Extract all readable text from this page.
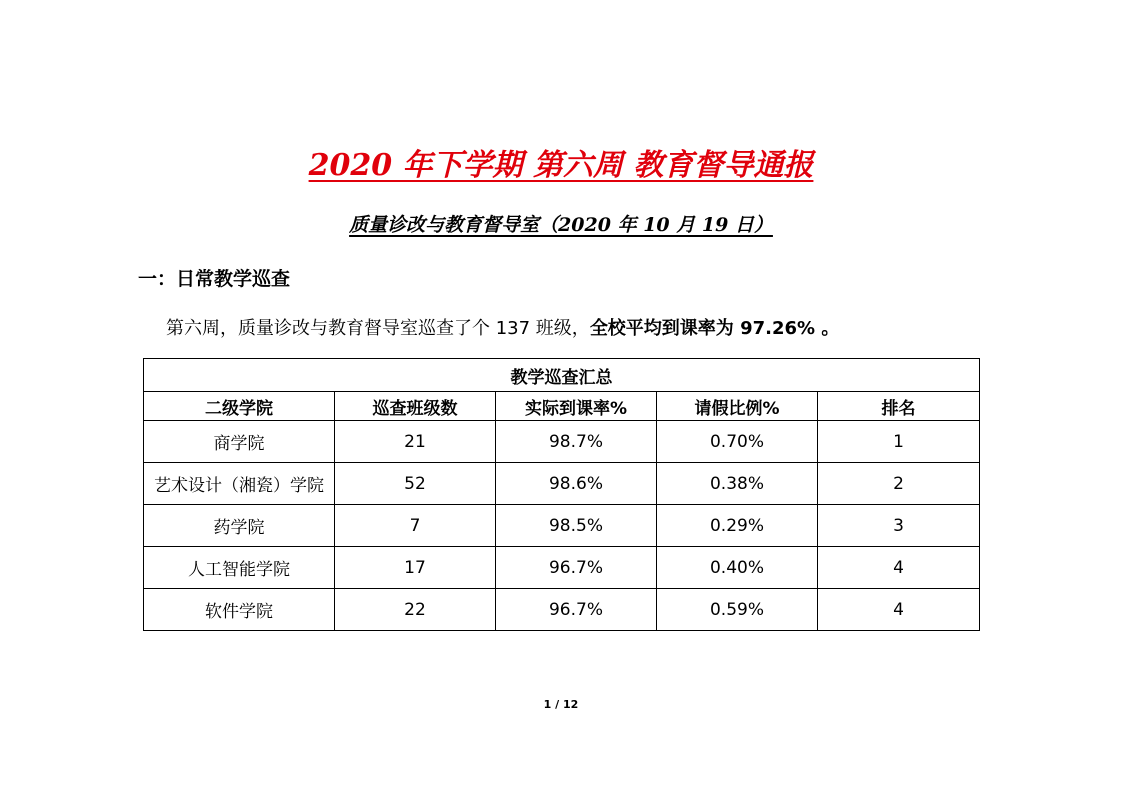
2020 年下学期 第六周 教育督导通报
质量诊改与教育督导室（2020 年 10 月 19 日）
一：日常教学巡查
第六周，质量诊改与教育督导室巡查了个 137 班级，全校平均到课率为 97.26% 。
教学巡查汇总				
二级学院	巡查班级数	实际到课率%	请假比例%	排名
商学院	21	98.7%	0.70%	1
艺术设计（湘瓷）学院	52	98.6%	0.38%	2
药学院	7	98.5%	0.29%	3
人工智能学院	17	96.7%	0.40%	4
软件学院	22	96.7%	0.59%	4
1 / 12
